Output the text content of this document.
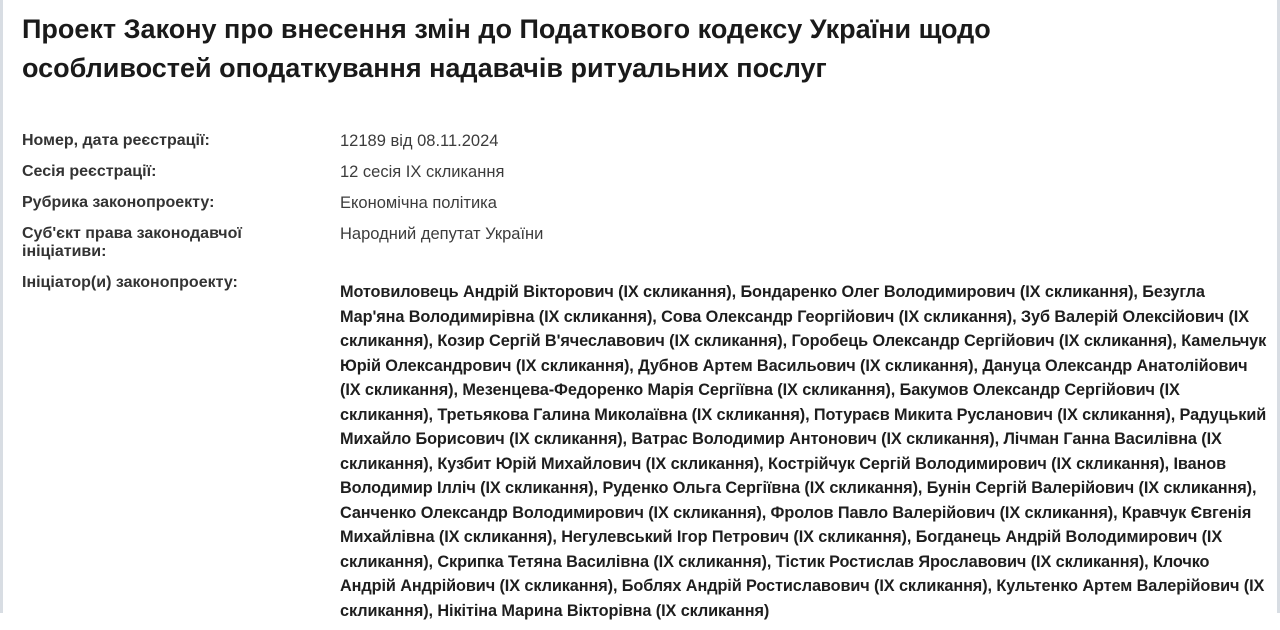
Проект Закону про внесення змін до Податкового кодексу України щодо особливостей оподаткування надавачів ритуальних послуг
Номер, дата реєстрації:	12189 від 08.11.2024
Сесія реєстрації:	12 сесія IX скликання
Рубрика законопроекту:	Економічна політика
Суб'єкт права законодавчої ініціативи:
Народний депутат України
Ініціатор(и) законопроекту:
Мотовиловець Андрій Вікторович (IX скликання), Бондаренко Олег Володимирович (IX скликання), Безугла Мар'яна Володимирівна (IX скликання), Сова Олександр Георгійович (IX скликання), Зуб Валерій Олексійович (IX скликання), Козир Сергій В'ячеславович (IX скликання), Горобець Олександр Сергійович (IX скликання), Камельчук Юрій Олександрович (IX скликання), Дубнов Артем Васильович (IX скликання), Дануца Олександр Анатолійович (IX скликання), Мезенцева-Федоренко Марія Сергіївна (IX скликання), Бакумов Олександр Сергійович (IX скликання), Третьякова Галина Миколаївна (IX скликання), Потураєв Микита Русланович (IX скликання), Радуцький Михайло Борисович (IX скликання), Ватрас Володимир Антонович (IX скликання), Лічман Ганна Василівна (IX скликання), Кузбит Юрій Михайлович (IX скликання), Кострійчук Сергій Володимирович (IX скликання), Іванов Володимир Ілліч (IX скликання), Руденко Ольга Сергіївна (IX скликання), Бунін Сергій Валерійович (IX скликання), Санченко Олександр Володимирович (IX скликання), Фролов Павло Валерійович (IX скликання), Кравчук Євгенія Михайлівна (IX скликання), Негулевський Ігор Петрович (IX скликання), Богданець Андрій Володимирович (IX скликання), Скрипка Тетяна Василівна (IX скликання), Тістик Ростислав Ярославович (IX скликання), Клочко Андрій Андрійович (IX скликання), Боблях Андрій Ростиславович (IX скликання), Культенко Артем Валерійович (IX скликання), Нікітіна Марина Вікторівна (IX скликання)
